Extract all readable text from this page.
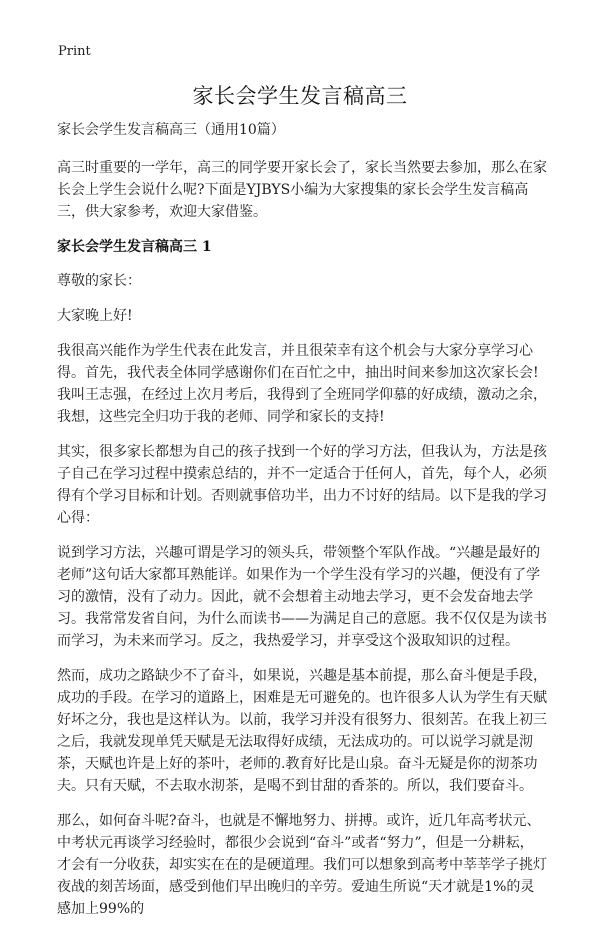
Print
家长会学生发言稿高三

家长会学生发言稿高三（通用10篇）

高三时重要的一学年，高三的同学要开家长会了，家长当然要去参加，那么在家长会上学生会说什么呢?下面是YJBYS小编为大家搜集的家长会学生发言稿高三，供大家参考，欢迎大家借鉴。

家长会学生发言稿高三 1

尊敬的家长：

大家晚上好!

我很高兴能作为学生代表在此发言，并且很荣幸有这个机会与大家分享学习心得。首先，我代表全体同学感谢你们在百忙之中，抽出时间来参加这次家长会!我叫王志强，在经过上次月考后，我得到了全班同学仰慕的好成绩，激动之余，我想，这些完全归功于我的老师、同学和家长的支持!

其实，很多家长都想为自己的孩子找到一个好的学习方法，但我认为，方法是孩子自己在学习过程中摸索总结的，并不一定适合于任何人，首先，每个人，必须得有个学习目标和计划。否则就事倍功半，出力不讨好的结局。以下是我的学习心得：

说到学习方法，兴趣可谓是学习的领头兵，带领整个军队作战。“兴趣是最好的老师”这句话大家都耳熟能详。如果作为一个学生没有学习的兴趣，便没有了学习的激情，没有了动力。因此，就不会想着主动地去学习，更不会发奋地去学习。我常常发省自问，为什么而读书——为满足自己的意愿。我不仅仅是为读书而学习，为未来而学习。反之，我热爱学习，并享受这个汲取知识的过程。

然而，成功之路缺少不了奋斗，如果说，兴趣是基本前提，那么奋斗便是手段，成功的手段。在学习的道路上，困难是无可避免的。也许很多人认为学生有天赋好坏之分，我也是这样认为。以前，我学习并没有很努力、很刻苦。在我上初三之后，我就发现单凭天赋是无法取得好成绩，无法成功的。可以说学习就是沏茶，天赋也许是上好的茶叶，老师的.教育好比是山泉。奋斗无疑是你的沏茶功夫。只有天赋，不去取水沏茶，是喝不到甘甜的香茶的。所以，我们要奋斗。

那么，如何奋斗呢?奋斗，也就是不懈地努力、拼搏。或许，近几年高考状元、中考状元再谈学习经验时，都很少会说到“奋斗”或者“努力”，但是一分耕耘，才会有一分收获，却实实在在的是硬道理。我们可以想象到高考中莘莘学子挑灯夜战的刻苦场面，感受到他们早出晚归的辛劳。爱迪生所说“天才就是1%的灵感加上99%的
